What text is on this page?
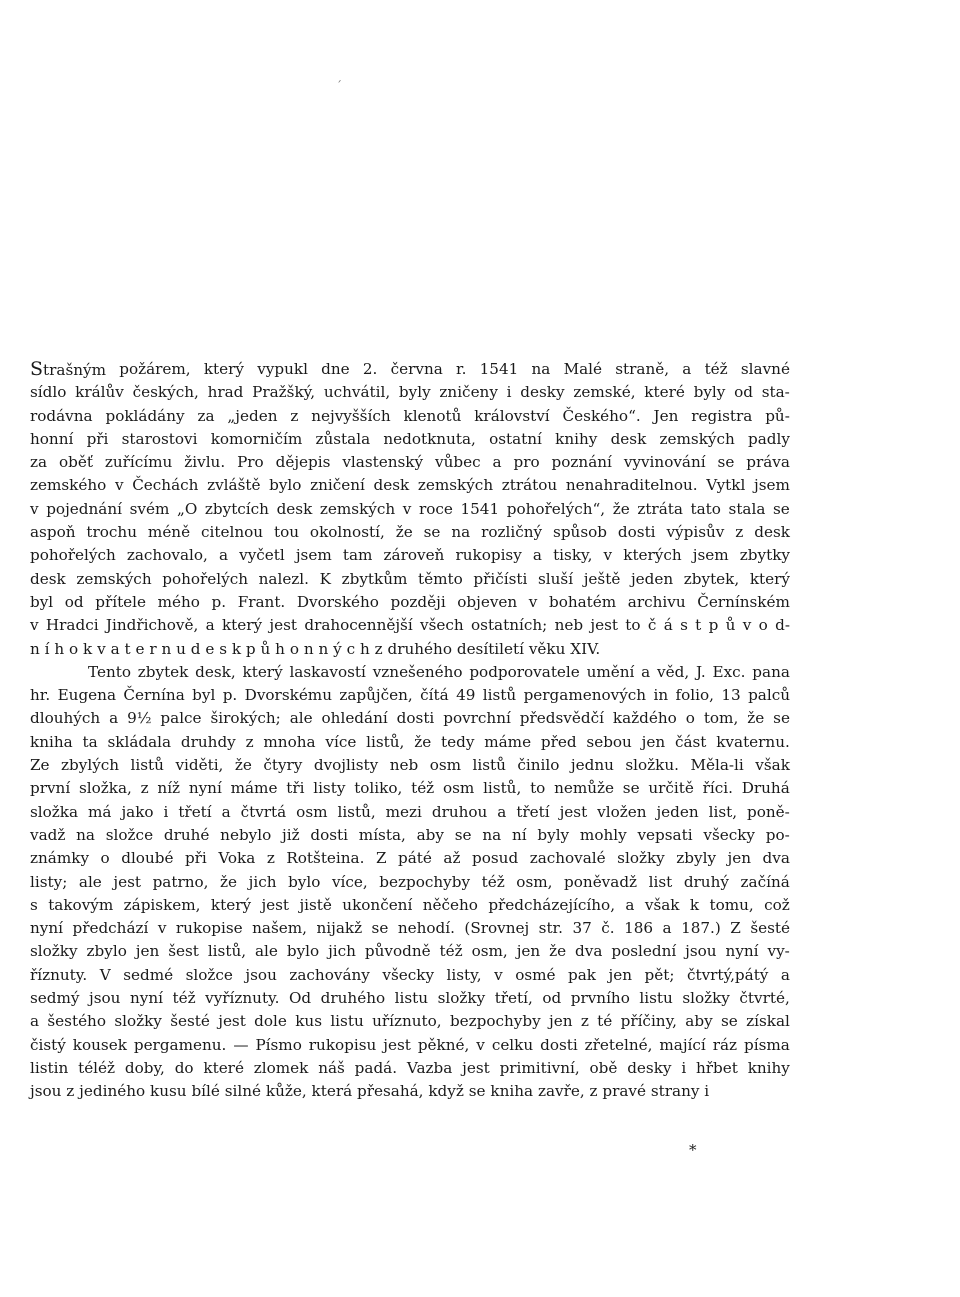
ˊ
Strašným požárem, který vypukl dne 2. června r. 1541 na Malé straně, a též slavné
sídlo králův českých, hrad Pražšký, uchvátil, byly zničeny i desky zemské, které byly od sta-
rodávna pokládány za „jeden z nejvyšších klenotů království Českého“. Jen registra pů-
honní při starostovi komorničím zůstala nedotknuta, ostatní knihy desk zemských padly
za oběť zuřícímu živlu. Pro dějepis vlastenský vůbec a pro poznání vyvinování se práva
zemského v Čechách zvláště bylo zničení desk zemských ztrátou nenahraditelnou. Vytkl jsem
v pojednání svém „O zbytcích desk zemských v roce 1541 pohořelých“, že ztráta tato stala se
aspoň trochu méně citelnou tou okolností, že se na rozličný spůsob dosti výpisův z desk
pohořelých zachovalo, a vyčetl jsem tam zároveň rukopisy a tisky, v kterých jsem zbytky
desk zemských pohořelých nalezl. K zbytkům těmto přičísti sluší ještě jeden zbytek, který
byl od přítele mého p. Frant. Dvorského později objeven v bohatém archivu Černínském
v Hradci Jindřichově, a který jest drahocennější všech ostatních; neb jest to č á s t p ů v o d-
n í h o k v a t e r n u d e s k p ů h o n n ý c h z druhého desítiletí věku XIV.
Tento zbytek desk, který laskavostí vznešeného podporovatele umění a věd, J. Exc. pana
hr. Eugena Černína byl p. Dvorskému zapůjčen, čítá 49 listů pergamenových in folio, 13 palců
dlouhých a 9½ palce širokých; ale ohledání dosti povrchní předsvědčí každého o tom, že se
kniha ta skládala druhdy z mnoha více listů, že tedy máme před sebou jen část kvaternu.
Ze zbylých listů viděti, že čtyry dvojlisty neb osm listů činilo jednu složku. Měla-li však
první složka, z níž nyní máme tři listy toliko, též osm listů, to nemůže se určitě říci. Druhá
složka má jako i třetí a čtvrtá osm listů, mezi druhou a třetí jest vložen jeden list, poně-
vadž na složce druhé nebylo již dosti místa, aby se na ní byly mohly vepsati všecky po-
známky o dloubé při Voka z Rotšteina. Z páté až posud zachovalé složky zbyly jen dva
listy; ale jest patrno, že jich bylo více, bezpochyby též osm, poněvadž list druhý začíná
s takovým zápiskem, který jest jistě ukončení něčeho předcházejícího, a však k tomu, což
nyní předchází v rukopise našem, nijakž se nehodí. (Srovnej str. 37 č. 186 a 187.) Z šesté
složky zbylo jen šest listů, ale bylo jich původně též osm, jen že dva poslední jsou nyní vy-
říznuty. V sedmé složce jsou zachovány všecky listy, v osmé pak jen pět; čtvrtý,pátý a
sedmý jsou nyní též vyříznuty. Od druhého listu složky třetí, od prvního listu složky čtvrté,
a šestého složky šesté jest dole kus listu uříznuto, bezpochyby jen z té příčiny, aby se získal
čistý kousek pergamenu. — Písmo rukopisu jest pěkné, v celku dosti zřetelné, mající ráz písma
listin téléž doby, do které zlomek náš padá. Vazba jest primitivní, obě desky i hřbet knihy
jsou z jediného kusu bílé silné kůže, která přesahá, když se kniha zavře, z pravé strany i
*
